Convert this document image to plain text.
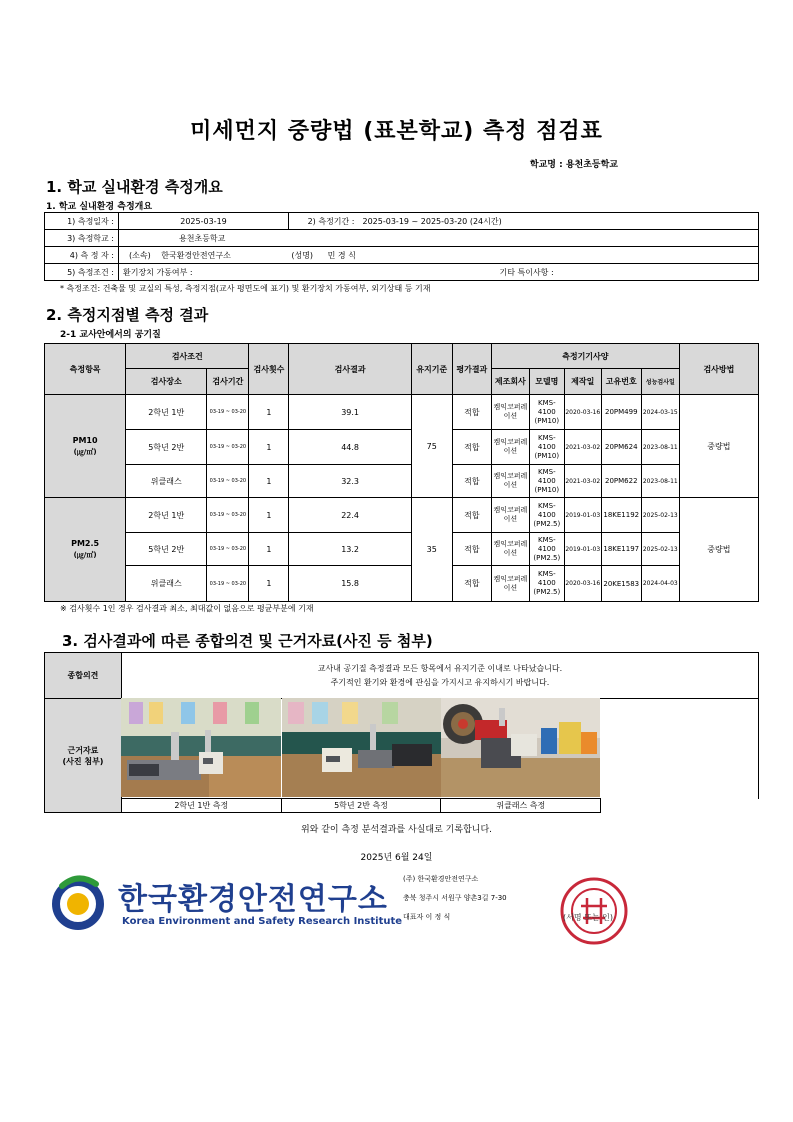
미세먼지 중량법 (표본학교) 측정 점검표
학교명 : 용천초등학교
1. 학교 실내환경 측정개요
1. 학교 실내환경 측정개요
1) 측정일자 :	2025-03-19	2) 측정기간 :	2025-03-19 ~ 2025-03-20 (24시간)
3) 측정학교 :	용천초등학교		
4) 측 정 자 :	(소속) 한국환경안전연구소 (성명) 민 경 식		
5) 측정조건 :	환기장치 가동여부 : 기타 특이사항 :		
* 측정조건: 건축물 및 교실의 특성, 측정지점(교사 평면도에 표기) 및 환기장치 가동여부, 외기상태 등 기재
2. 측정지점별 측정 결과
2-1 교사안에서의 공기질
측정항목	검사조건		검사횟수	검사결과	유지기준	평가결과	측정기기사양					검사방법
	검사장소	검사기간					제조회사	모델명	제작일	고유번호	성능검사일	

PM10
(㎍/㎥)	2학년 1반	03-19 ~ 03-20	1	39.1	75	적합	켐익코퍼레이션	KMS-4100 (PM10)	2020-03-16	20PM499	2024-03-15	중량법
	5학년 2반	03-19 ~ 03-20	1	44.8		적합	켐익코퍼레이션	KMS-4100 (PM10)	2021-03-02	20PM624	2023-08-11	
	위클래스	03-19 ~ 03-20	1	32.3		적합	켐익코퍼레이션	KMS-4100 (PM10)	2021-03-02	20PM622	2023-08-11	

PM2.5
(㎍/㎥)	2학년 1반	03-19 ~ 03-20	1	22.4	35	적합	켐익코퍼레이션	KMS-4100 (PM2.5)	2019-01-03	18KE1192	2025-02-13	중량법
	5학년 2반	03-19 ~ 03-20	1	13.2		적합	켐익코퍼레이션	KMS-4100 (PM2.5)	2019-01-03	18KE1197	2025-02-13	
	위클래스	03-19 ~ 03-20	1	15.8		적합	켐익코퍼레이션	KMS-4100 (PM2.5)	2020-03-16	20KE1583	2024-04-03	
※ 검사횟수 1인 경우 검사결과 최소, 최대값이 없음으로 평균부분에 기재
3. 검사결과에 따른 종합의견 및 근거자료(사진 등 첨부)
종합의견	교사내 공기질 측정결과 모든 항목에서 유지기준 이내로 나타났습니다.
주기적인 환기와 환경에 관심을 가지시고 유지하시기 바랍니다.			

근거자료
(사진 첨부)				

	2학년 1반 측정	5학년 2반 측정	위클래스 측정	
위와 같이 측정 분석결과를 사실대로 기록합니다.
2025년 6월 24일
한국환경안전연구소
Korea Environment and Safety Research Institute
(주) 한국환경안전연구소
충북 청주시 서원구 양촌3길 7-30
대표자 이 정 식	(서명 또는 인)
